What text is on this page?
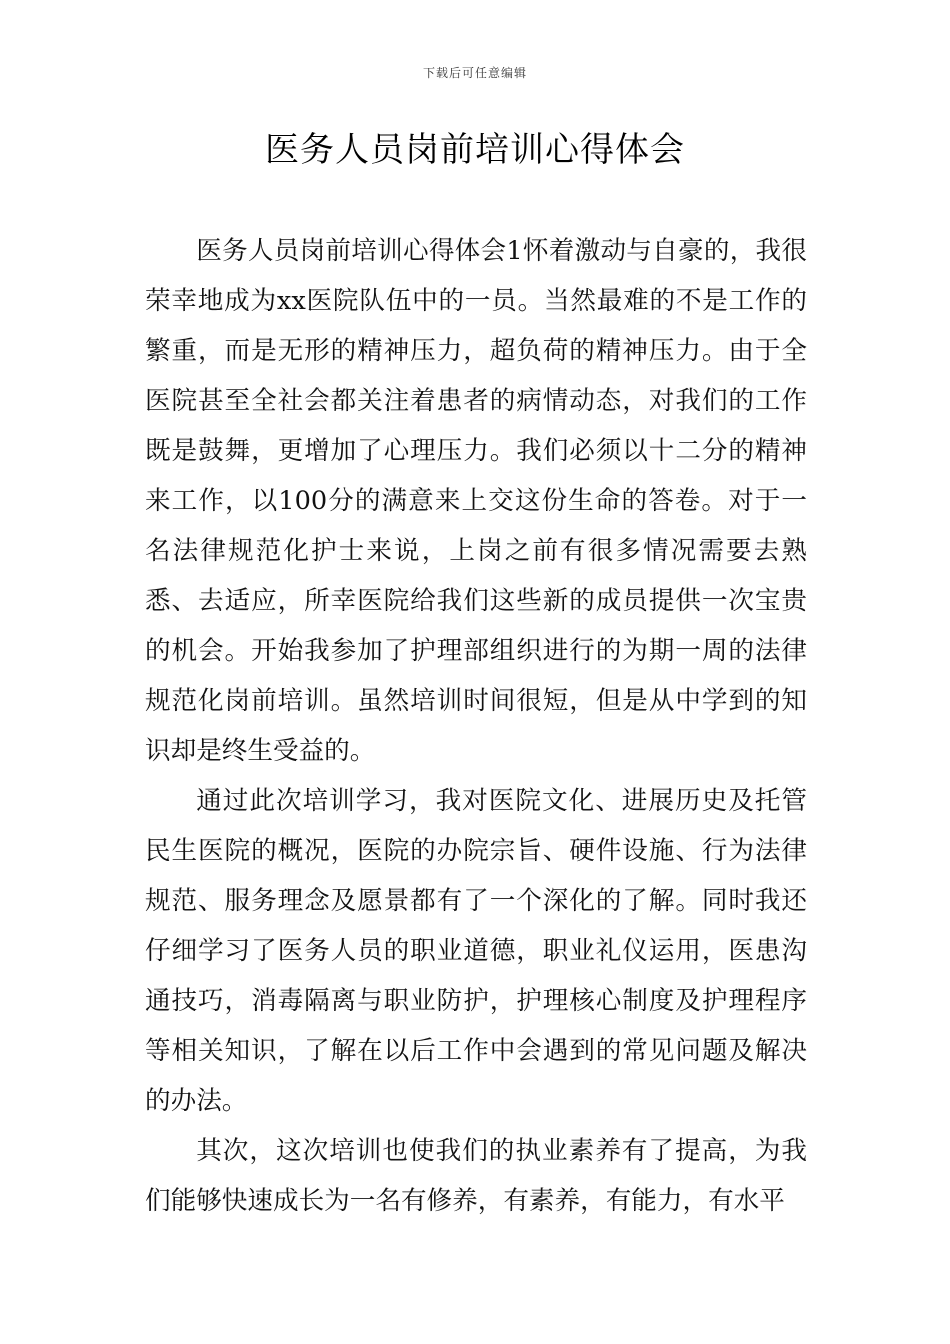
下载后可任意编辑
医务人员岗前培训心得体会

医务人员岗前培训心得体会1怀着激动与自豪的，我很荣幸地成为xx医院队伍中的一员。当然最难的不是工作的繁重，而是无形的精神压力，超负荷的精神压力。由于全医院甚至全社会都关注着患者的病情动态，对我们的工作既是鼓舞，更增加了心理压力。我们必须以十二分的精神来工作，以100分的满意来上交这份生命的答卷。对于一名法律规范化护士来说，上岗之前有很多情况需要去熟悉、去适应，所幸医院给我们这些新的成员提供一次宝贵的机会。开始我参加了护理部组织进行的为期一周的法律规范化岗前培训。虽然培训时间很短，但是从中学到的知识却是终生受益的。

通过此次培训学习，我对医院文化、进展历史及托管民生医院的概况，医院的办院宗旨、硬件设施、行为法律规范、服务理念及愿景都有了一个深化的了解。同时我还仔细学习了医务人员的职业道德，职业礼仪运用，医患沟通技巧，消毒隔离与职业防护，护理核心制度及护理程序等相关知识，了解在以后工作中会遇到的常见问题及解决的办法。

其次，这次培训也使我们的执业素养有了提高，为我们能够快速成长为一名有修养，有素养，有能力，有水平
